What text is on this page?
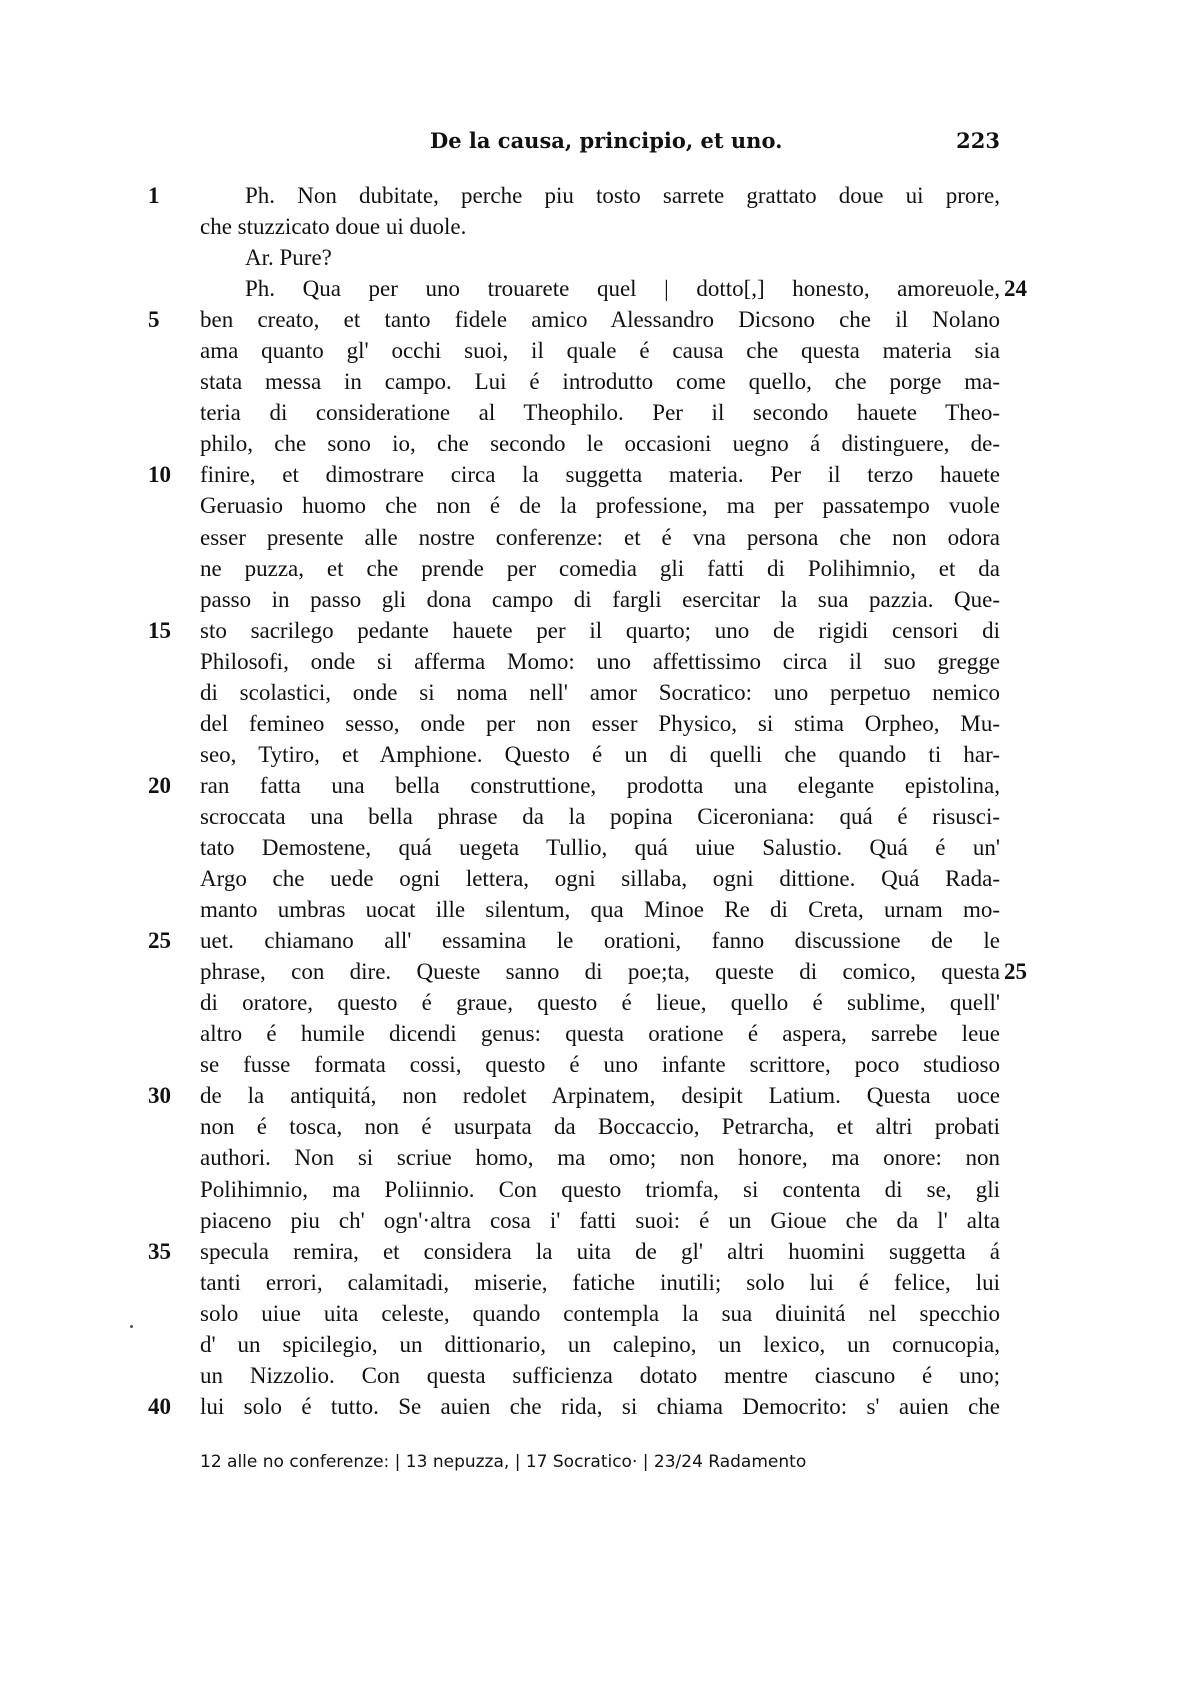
De la causa, principio, et uno.	223
1	Ph. Non dubitate, perche piu tosto sarrete grattato doue ui prore,
che stuzzicato doue ui duole.
Ar. Pure?
Ph. Qua per uno trouarete quel | dotto[,] honesto, amoreuole, 24
5	ben creato, et tanto fidele amico Alessandro Dicsono che il Nolano
ama quanto gl' occhi suoi, il quale é causa che questa materia sia
stata messa in campo. Lui é introdutto come quello, che porge ma-
teria di consideratione al Theophilo. Per il secondo hauete Theo-
philo, che sono io, che secondo le occasioni uegno á distinguere, de-
10	finire, et dimostrare circa la suggetta materia. Per il terzo hauete
Geruasio huomo che non é de la professione, ma per passatempo vuole
esser presente alle nostre conferenze: et é vna persona che non odora
ne puzza, et che prende per comedia gli fatti di Polihimnio, et da
passo in passo gli dona campo di fargli esercitar la sua pazzia. Que-
15	sto sacrilego pedante hauete per il quarto; uno de rigidi censori di
Philosofi, onde si afferma Momo: uno affettissimo circa il suo gregge
di scolastici, onde si noma nell' amor Socratico: uno perpetuo nemico
del femineo sesso, onde per non esser Physico, si stima Orpheo, Mu-
seo, Tytiro, et Amphione. Questo é un di quelli che quando ti har-
20	ran fatta una bella construttione, prodotta una elegante epistolina,
scroccata una bella phrase da la popina Ciceroniana: quá é risusci-
tato Demostene, quá uegeta Tullio, quá uiue Salustio. Quá é un'
Argo che uede ogni lettera, ogni sillaba, ogni dittione. Quá Rada-
manto umbras uocat ille silentum, qua Minoe Re di Creta, urnam mo-
25	uet. chiamano all' essamina le orationi, fanno discussione de le
phrase, con dire. Queste sanno di poe;ta, queste di comico, questa 25
di oratore, questo é graue, questo é lieue, quello é sublime, quell'
altro é humile dicendi genus: questa oratione é aspera, sarrebe leue
se fusse formata cossi, questo é uno infante scrittore, poco studioso
30	de la antiquitá, non redolet Arpinatem, desipit Latium. Questa uoce
non é tosca, non é usurpata da Boccaccio, Petrarcha, et altri probati
authori. Non si scriue homo, ma omo; non honore, ma onore: non
Polihimnio, ma Poliinnio. Con questo triomfa, si contenta di se, gli
piaceno piu ch' ogn'·altra cosa i' fatti suoi: é un Gioue che da l' alta
35	specula remira, et considera la uita de gl' altri huomini suggetta á
tanti errori, calamitadi, miserie, fatiche inutili; solo lui é felice, lui
solo uiue uita celeste, quando contempla la sua diuinitá nel specchio
d' un spicilegio, un dittionario, un calepino, un lexico, un cornucopia,
un Nizzolio. Con questa sufficienza dotato mentre ciascuno é uno;
40	lui solo é tutto. Se auien che rida, si chiama Democrito: s' auien che
12 alle no conferenze: | 13 nepuzza, | 17 Socratico· | 23/24 Radamento
